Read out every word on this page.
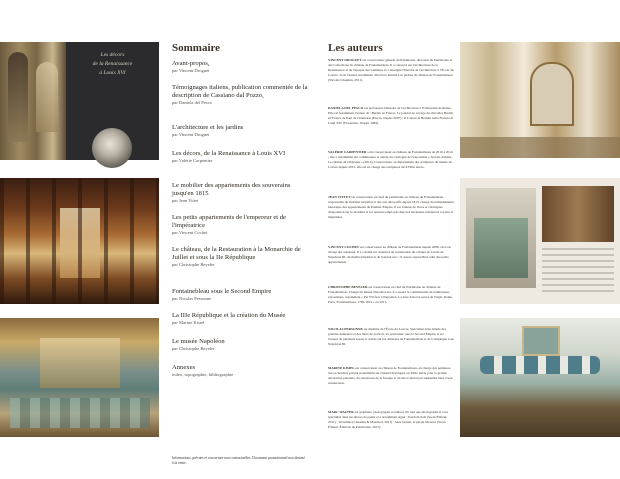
Les décors
de la Renaissance
à Louis XVI
Sommaire
Avant-propos,
par Vincent Droguet
Témoignages italiens, publication commentée de la description de Cassiano dal Pozzo,
par Daniela del Pesco
L'architecture et les jardins
par Vincent Droguet
Les décors, de la Renaissance à Louis XVI
par Valérie Carpentier
Le mobilier des appartements des souverains jusqu'en 1815
par Jean Vittet
Les petits appartements de l'empereur et de l'impératrice
par Vincent Cochet
Le château, de la Restauration à la Monarchie de Juillet et sous la IIe République
par Christophe Beyeler
Fontainebleau sous le Second Empire
par Nicolas Personne
La IIIe République et la création du Musée
par Marine Kisiel
Le musée Napoléon
par Christophe Beyeler
Annexes
index, topographie, bibliographie
Informations, prévues et couverture non contractuelles. Document promotionnel non destiné à la vente.
Les auteurs
VINCENT DROGUET est conservateur général du Patrimoine, directeur du Patrimoine et des Collections du château de Fontainebleau. Il a consacré sur l'architecture de la Renaissance et de l'époque des Lumières et a enseigné l'histoire de l'architecture à l'École du Louvre. Il est l'auteur notamment d'un livre intitulé Les jardins du château de Fontainebleau (Nicolas Chaudun, 2011).
DANIELA DEL PESCO est professeur d'histoire de l'architecture à l'Université de Rome. Elle est notamment l'auteur de : Bernin en France. Le journal de voyage du chevalier Bernin en France de Paul de Chantelou (Electa, Naples 2007) ; Il Louvre di Bernini nella Francia di Luigi XIV (Fiorentino, Naples 1984).
VALÉRIE CARPENTIER a été conservateur au château de Fontainebleau de 2010 à 2014 ; elle a notamment été commissaire et auteur du catalogue de l'exposition « Secrets d'ébène. Le cabinet de l'Odyssée » (2014). Conservateur au département des sculptures du musée du Louvre depuis 2015, elle est en charge des sculptures du XVIIIe siècle.
JEAN VITTET est conservateur en chef du patrimoine au château de Fontainebleau, responsable du mobilier impérial et des arts décoratifs depuis 1815, chargé du remeublement historique des appartements du Premier Empire. Il est l'auteur de livres et catalogues d'exposition sur le mobilier et les tentures employés dans les anciennes résidences royales et impériales.
VINCENT COCHET est conservateur au château de Fontainebleau depuis 2008, où il est chargé des arsenaux. Il a conduit les chantiers de restauration du cabinet de travail de Napoléon III, du théâtre impérial et du boudoir turc ; il assure aujourd'hui celui des petits appartements.
CHRISTOPHE BEYELER est conservateur en chef du Patrimoine au château de Fontainebleau. Chargé du musée Napoléon Ier, il a assuré le commissariat de nombreuses expositions, notamment « Pie VII face à Napoléon. La tiare dans les serres de l'aigle. Rome, Paris, Fontainebleau, 1796-1814 » en 2015.
NICOLAS PERSONNE est diplômé de l'École du Louvre. Spécialisé dans l'étude des grandes demeures et des lieux de pouvoir, en particulier sous le Second Empire, il est l'auteur de plusieurs essais et article sur les châteaux de Fontainebleau et de Compiègne sous Napoléon III.
MARINE KISIEL est conservateur au château de Fontainebleau, en charge des peintures. Ses recherches portent notamment sur l'intérêt développé au XIXe siècle pour la grande décoration palatiale, du renouveau de la fresque et du décor mural pré-raphaélite liées à leur restauration.
MARC WALTER est graphiste, photographe et éditeur. En tant que photographe il s'est spécialisé dans les décors de palais et a notamment signé : Tsardom Salz (Swan Éditeur, 2011) ; Versailles (Chaudun & Mazenod, 2011) ; Sans Glanal, le palais retrouvé (Swan Éditeur, Éditions du Patrimoine, 2015).
